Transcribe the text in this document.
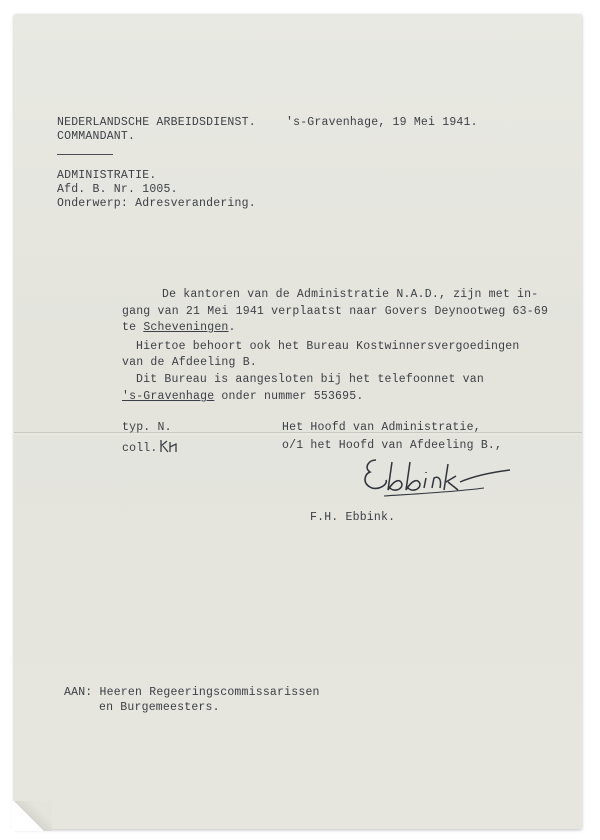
NEDERLANDSCHE ARBEIDSDIENST.
COMMANDANT.
's-Gravenhage, 19 Mei 1941.
ADMINISTRATIE.
Afd. B. Nr. 1005.
Onderwerp: Adresverandering.
De kantoren van de Administratie N.A.D., zijn met in-
gang van 21 Mei 1941 verplaatst naar Govers Deynootweg 63-69
te Scheveningen.
Hiertoe behoort ook het Bureau Kostwinnersvergoedingen
van de Afdeeling B.
Dit Bureau is aangesloten bij het telefoonnet van
's-Gravenhage onder nummer 553695.
typ. N.
coll.
Het Hoofd van Administratie,
o/1 het Hoofd van Afdeeling B.,
F.H. Ebbink.
AAN: Heeren Regeeringscommissarissen
en Burgemeesters.
